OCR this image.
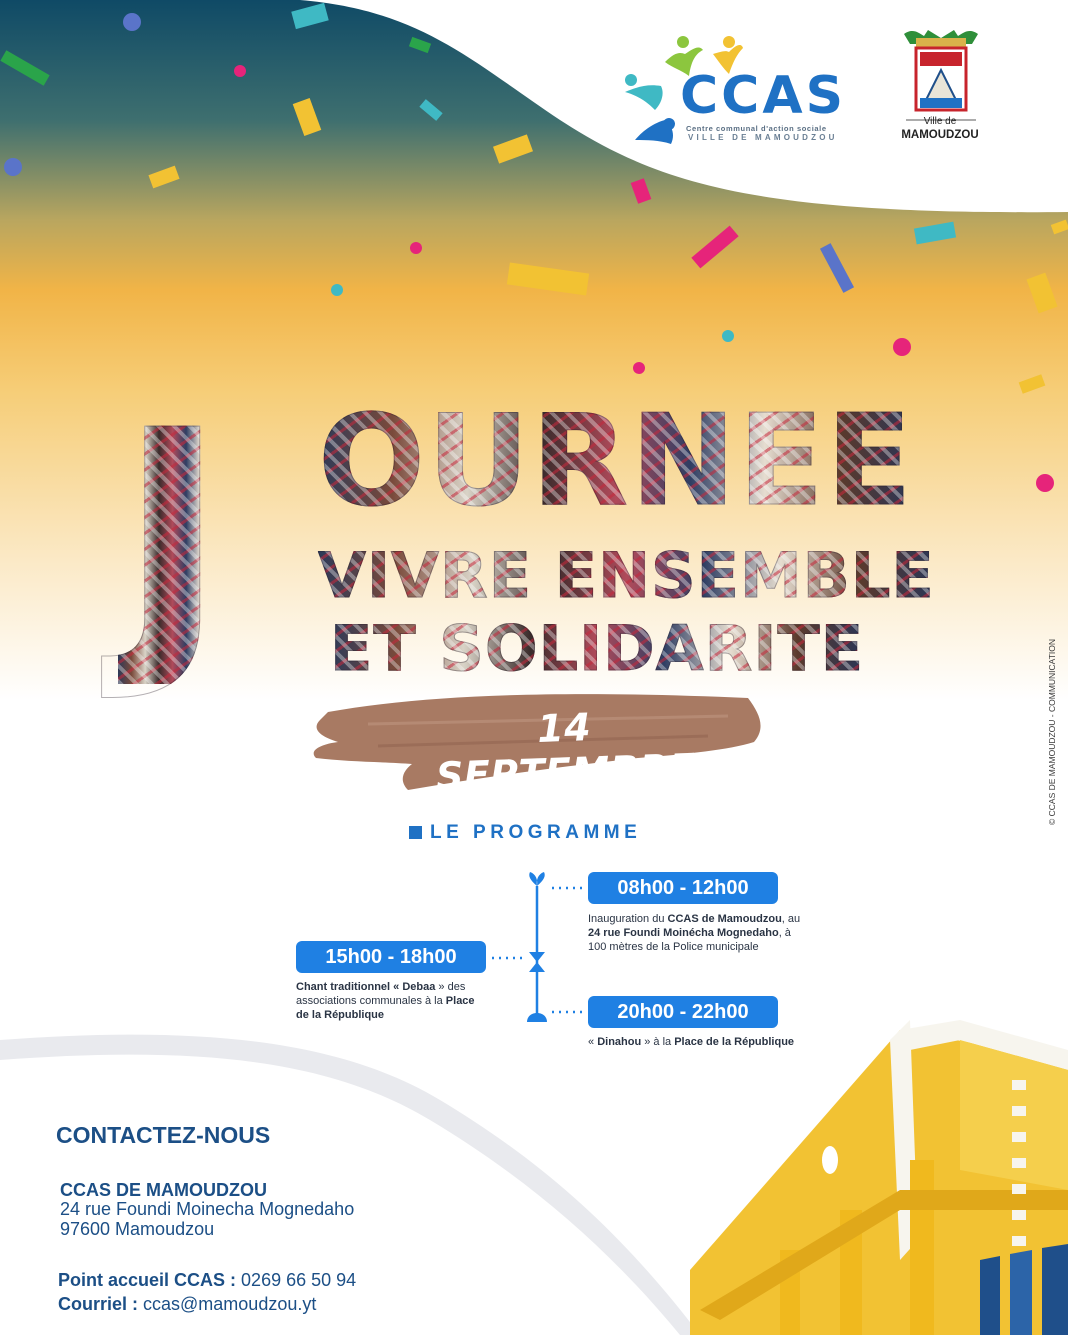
CCAS
Centre communal d'action sociale
VILLE DE MAMOUDZOU
Ville de
MAMOUDZOU
J OURNEE
VIVRE ENSEMBLE
ET SOLIDARITE
14 SEPTEMBRE
LE PROGRAMME
08h00 - 12h00
Inauguration du CCAS de Mamoudzou, au 24 rue Foundi Moinécha Mognedaho, à 100 mètres de la Police municipale
15h00 - 18h00
Chant traditionnel « Debaa » des associations communales à la Place de la République	20h00 - 22h00
« Dinahou » à la Place de la République
CONTACTEZ-NOUS
CCAS DE MAMOUDZOU
24 rue Foundi Moinecha Mognedaho
97600 Mamoudzou
Point accueil CCAS : 0269 66 50 94
Courriel : ccas@mamoudzou.yt
© CCAS DE MAMOUDZOU - COMMUNICATION
